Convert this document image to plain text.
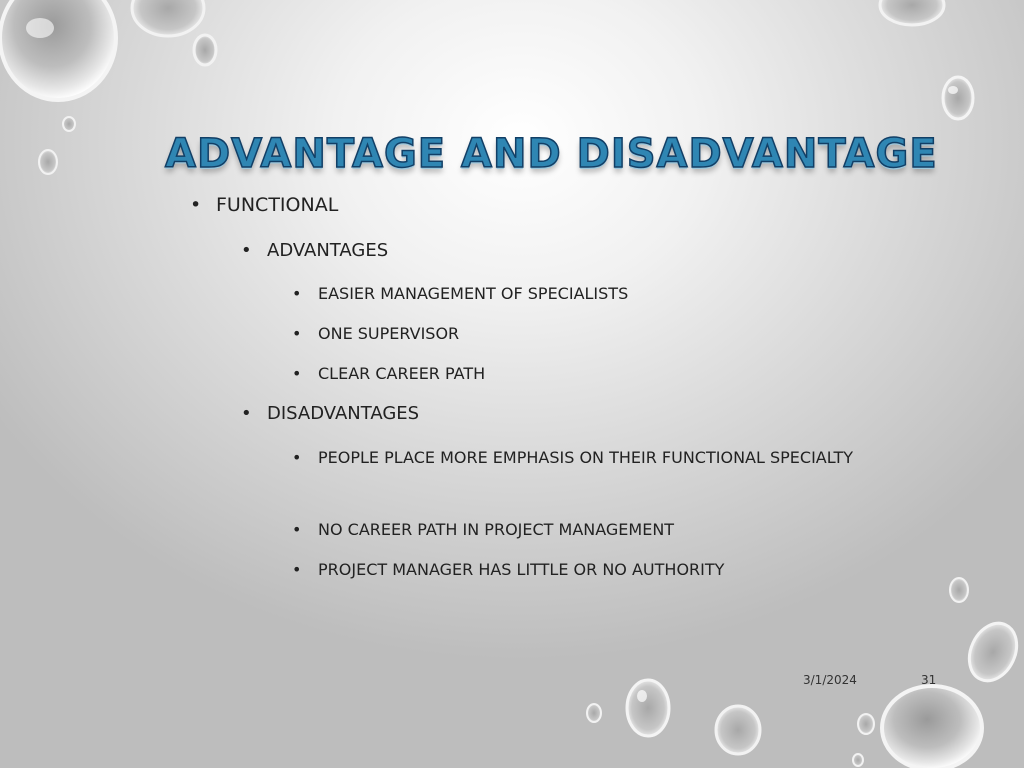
ADVANTAGE AND DISADVANTAGE
• FUNCTIONAL
• ADVANTAGES
• EASIER MANAGEMENT OF SPECIALISTS
• ONE SUPERVISOR
• CLEAR CAREER PATH
• DISADVANTAGES
• PEOPLE PLACE MORE EMPHASIS ON THEIR FUNCTIONAL SPECIALTY
• NO CAREER PATH IN PROJECT MANAGEMENT
• PROJECT MANAGER HAS LITTLE OR NO AUTHORITY
3/1/2024	31
